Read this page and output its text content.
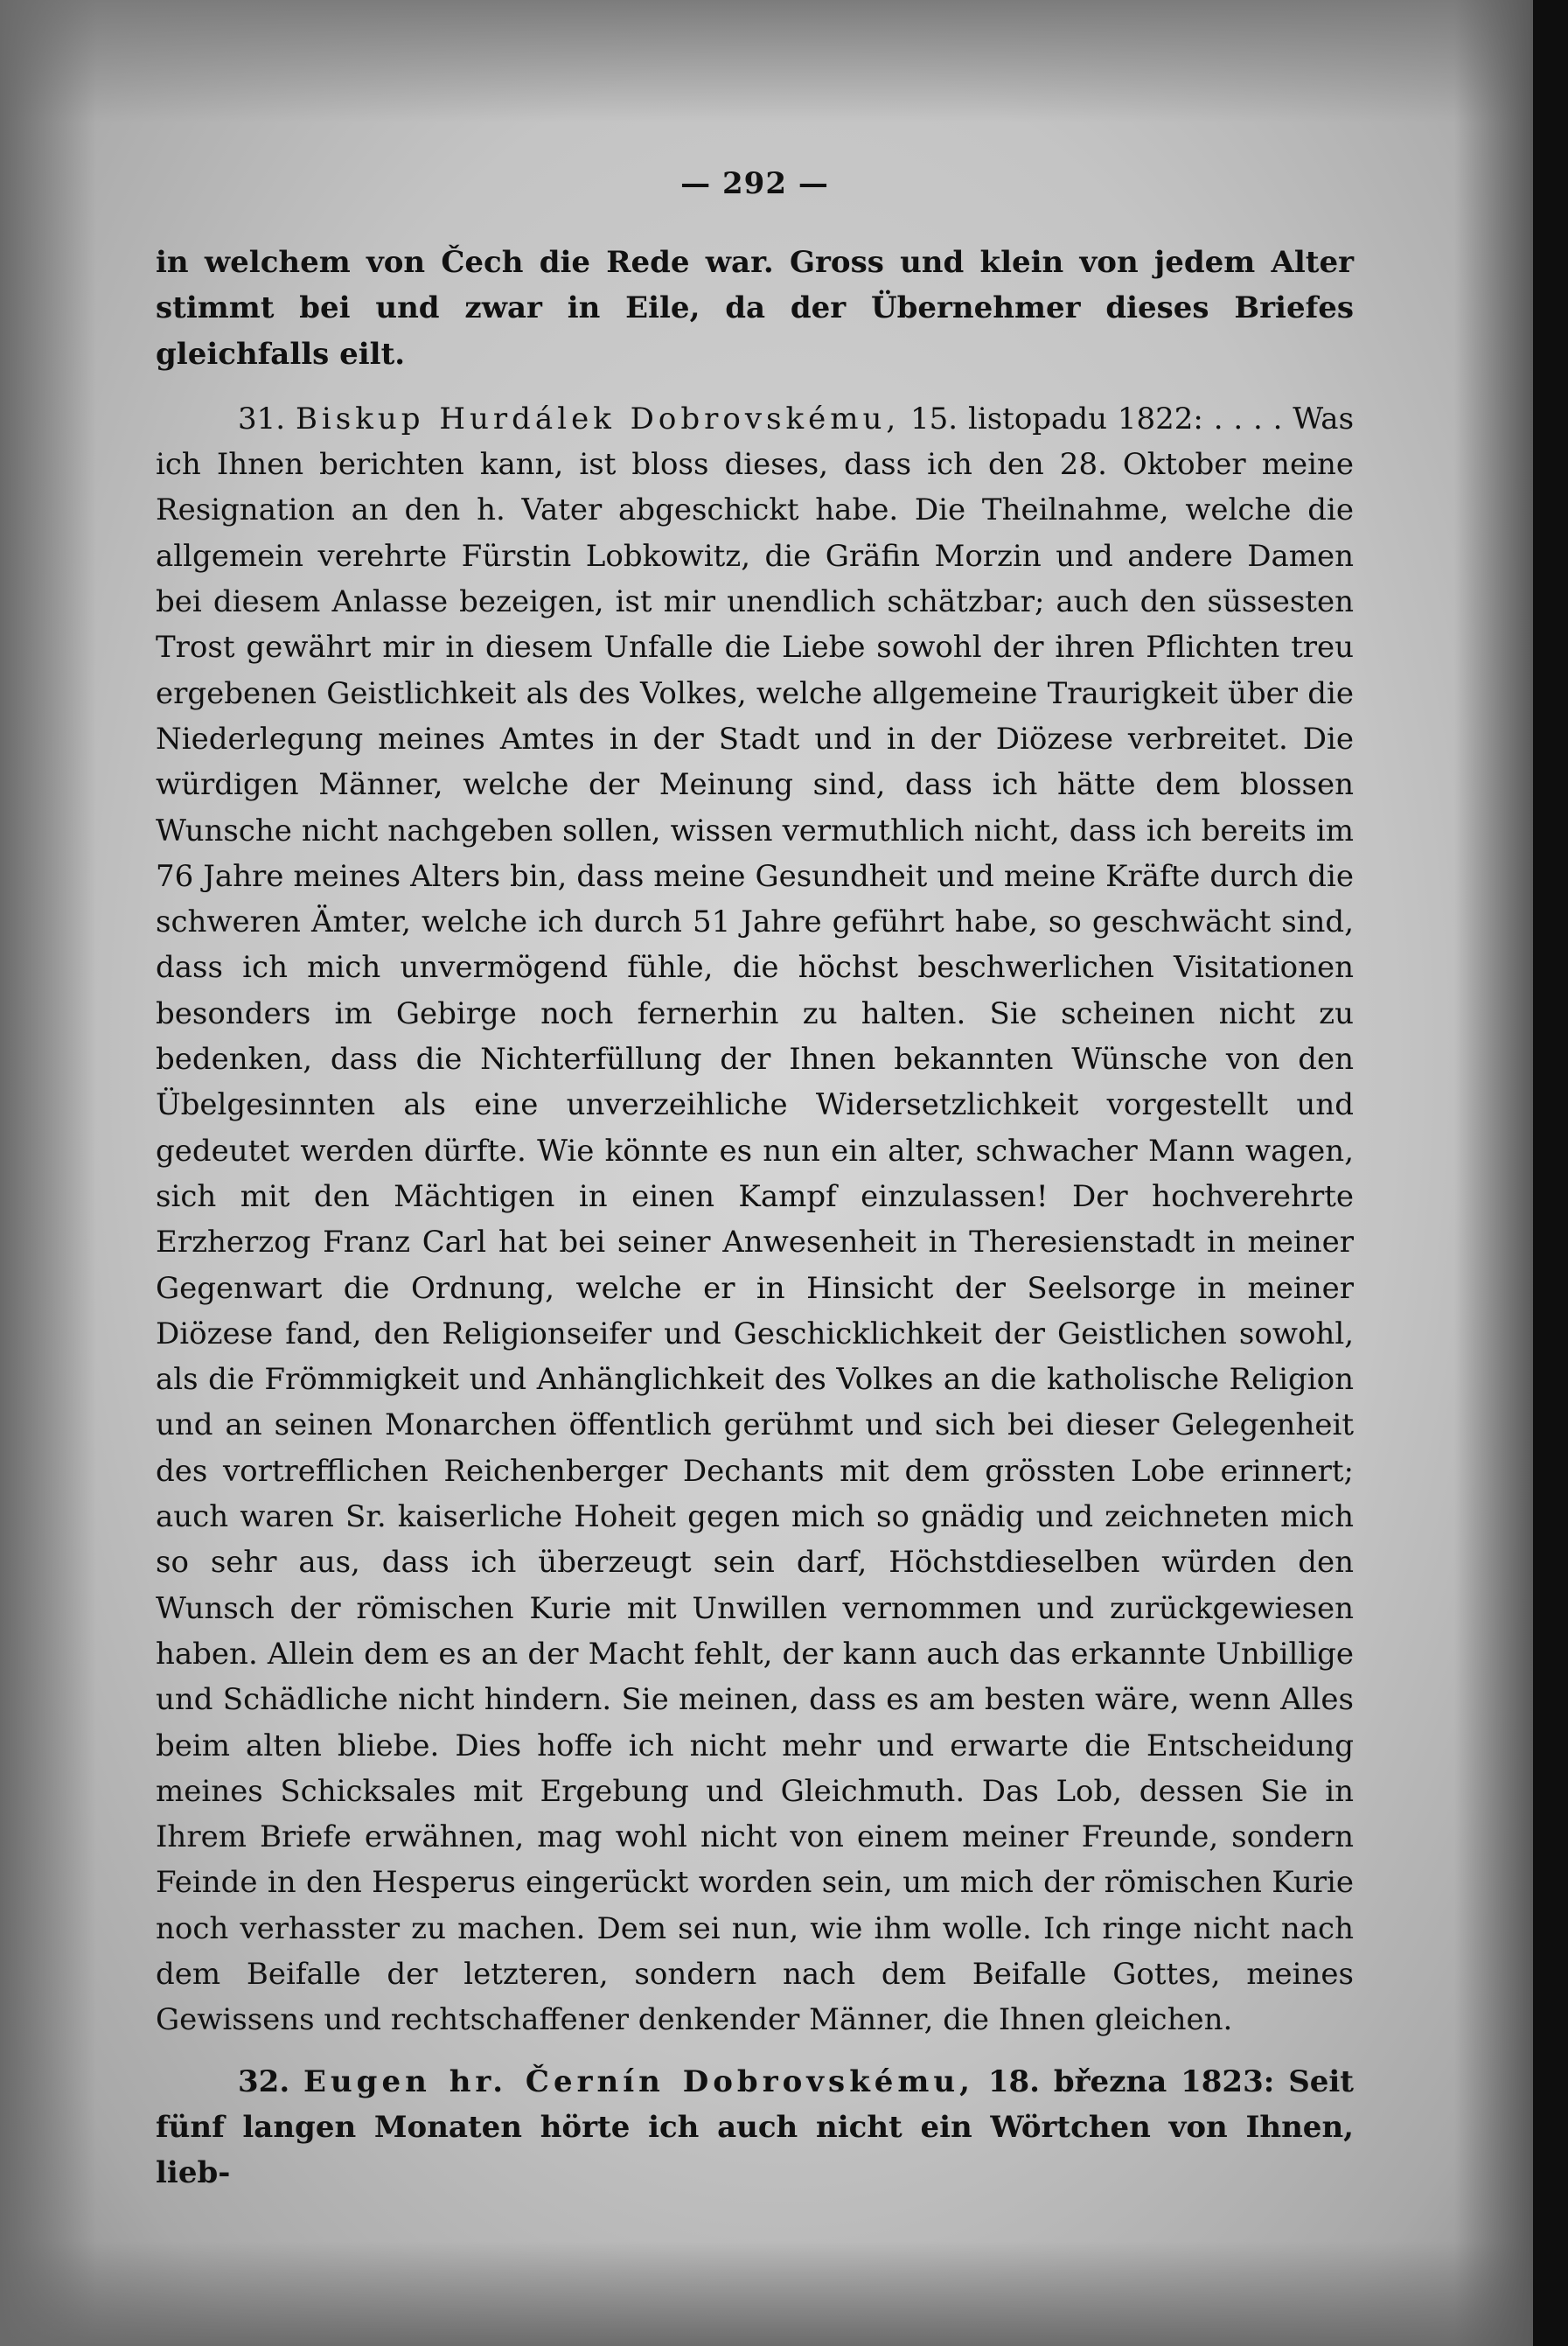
— 292 —

in welchem von Čech die Rede war. Gross und klein von jedem Alter stimmt bei und zwar in Eile, da der Übernehmer dieses Briefes gleichfalls eilt.

31. Biskup Hurdálek Dobrovskému, 15. listopadu 1822: . . . . Was ich Ihnen berichten kann, ist bloss dieses, dass ich den 28. Oktober meine Resignation an den h. Vater abgeschickt habe. Die Theilnahme, welche die allgemein verehrte Fürstin Lobkowitz, die Gräfin Morzin und andere Damen bei diesem Anlasse bezeigen, ist mir unendlich schätzbar; auch den süssesten Trost gewährt mir in diesem Unfalle die Liebe sowohl der ihren Pflichten treu ergebenen Geistlichkeit als des Volkes, welche allgemeine Traurigkeit über die Niederlegung meines Amtes in der Stadt und in der Diözese verbreitet. Die würdigen Männer, welche der Meinung sind, dass ich hätte dem blossen Wunsche nicht nachgeben sollen, wissen vermuthlich nicht, dass ich bereits im 76 Jahre meines Alters bin, dass meine Gesundheit und meine Kräfte durch die schweren Ämter, welche ich durch 51 Jahre geführt habe, so geschwächt sind, dass ich mich unvermögend fühle, die höchst beschwerlichen Visitationen besonders im Gebirge noch fernerhin zu halten. Sie scheinen nicht zu bedenken, dass die Nichterfüllung der Ihnen bekannten Wünsche von den Übelgesinnten als eine unverzeihliche Widersetzlichkeit vorgestellt und gedeutet werden dürfte. Wie könnte es nun ein alter, schwacher Mann wagen, sich mit den Mächtigen in einen Kampf einzulassen! Der hochverehrte Erzherzog Franz Carl hat bei seiner Anwesenheit in Theresienstadt in meiner Gegenwart die Ordnung, welche er in Hinsicht der Seelsorge in meiner Diözese fand, den Religionseifer und Geschicklichkeit der Geistlichen sowohl, als die Frömmigkeit und Anhänglichkeit des Volkes an die katholische Religion und an seinen Monarchen öffentlich gerühmt und sich bei dieser Gelegenheit des vortrefflichen Reichenberger Dechants mit dem grössten Lobe erinnert; auch waren Sr. kaiserliche Hoheit gegen mich so gnädig und zeichneten mich so sehr aus, dass ich überzeugt sein darf, Höchstdieselben würden den Wunsch der römischen Kurie mit Unwillen vernommen und zurückgewiesen haben. Allein dem es an der Macht fehlt, der kann auch das erkannte Unbillige und Schädliche nicht hindern. Sie meinen, dass es am besten wäre, wenn Alles beim alten bliebe. Dies hoffe ich nicht mehr und erwarte die Entscheidung meines Schicksales mit Ergebung und Gleichmuth. Das Lob, dessen Sie in Ihrem Briefe erwähnen, mag wohl nicht von einem meiner Freunde, sondern Feinde in den Hesperus eingerückt worden sein, um mich der römischen Kurie noch verhasster zu machen. Dem sei nun, wie ihm wolle. Ich ringe nicht nach dem Beifalle der letzteren, sondern nach dem Beifalle Gottes, meines Gewissens und rechtschaffener denkender Männer, die Ihnen gleichen.

32. Eugen hr. Černín Dobrovskému, 18. března 1823: Seit fünf langen Monaten hörte ich auch nicht ein Wörtchen von Ihnen, lieb-
